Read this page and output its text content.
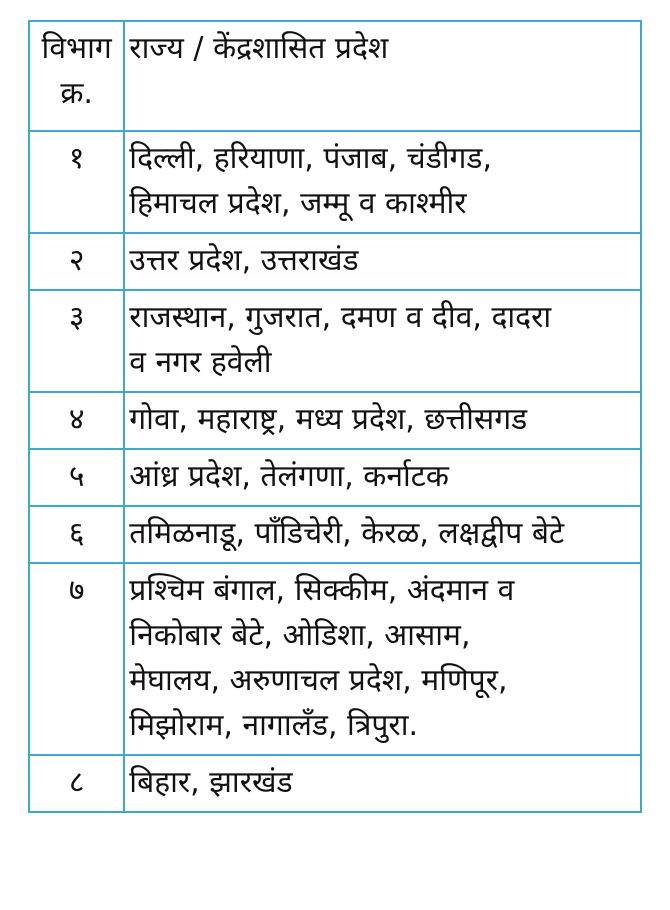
विभाग
क्र.	राज्य / केंद्रशासित प्रदेश
१	दिल्ली, हरियाणा, पंजाब, चंडीगड,
हिमाचल प्रदेश, जम्मू व काश्मीर

२	उत्तर प्रदेश, उत्तराखंड

३	राजस्थान, गुजरात, दमण व दीव, दादरा
व नगर हवेली

४	गोवा, महाराष्ट्र, मध्य प्रदेश, छत्तीसगड

५	आंध्र प्रदेश, तेलंगणा, कर्नाटक

६	तमिळनाडू, पाँडिचेरी, केरळ, लक्षद्वीप बेटे

७	प्रश्चिम बंगाल, सिक्कीम, अंदमान व
निकोबार बेटे, ओडिशा, आसाम,
मेघालय, अरुणाचल प्रदेश, मणिपूर,
मिझोराम, नागालँड, त्रिपुरा.

८	बिहार, झारखंड
